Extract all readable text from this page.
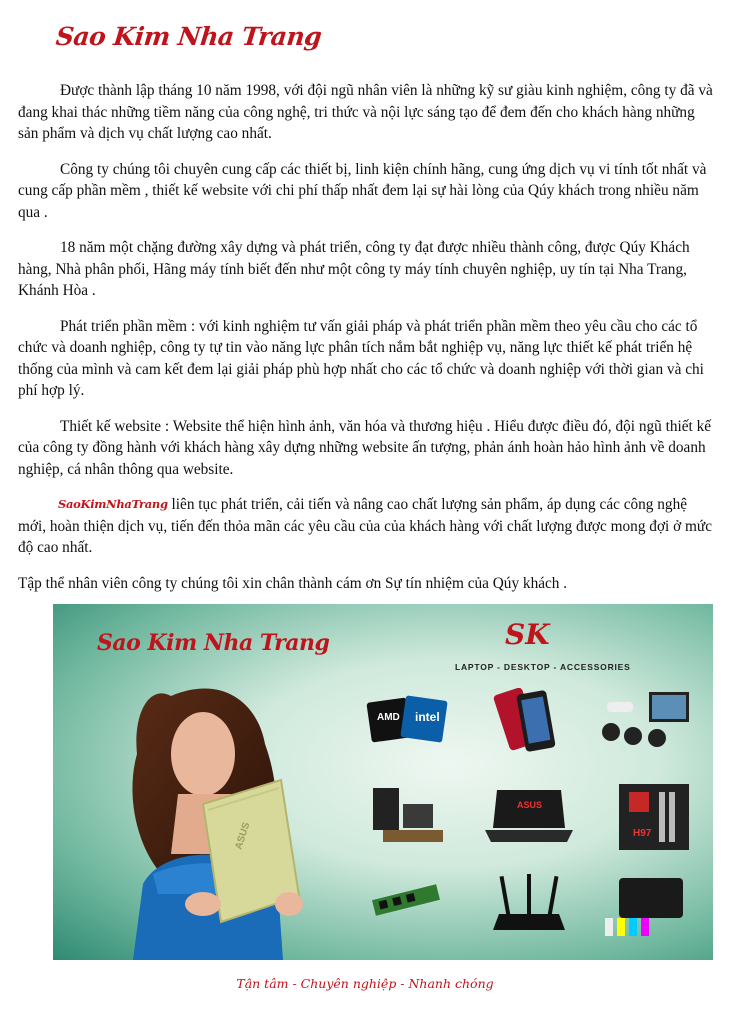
Sao Kim Nha Trang

Được thành lập tháng 10 năm 1998, với đội ngũ nhân viên là những kỹ sư giàu kinh nghiệm, công ty đã và đang khai thác những tiềm năng của công nghệ, tri thức và nội lực sáng tạo để đem đến cho khách hàng những sản phẩm và dịch vụ chất lượng cao nhất.

Công ty chúng tôi chuyên cung cấp các thiết bị, linh kiện chính hãng, cung ứng dịch vụ vi tính tốt nhất và cung cấp phần mềm , thiết kế website với chi phí thấp nhất đem lại sự hài lòng của Qúy khách trong nhiều năm qua .

18 năm một chặng đường xây dựng và phát triển, công ty đạt được nhiều thành công, được Qúy Khách hàng, Nhà phân phối, Hãng máy tính biết đến như một công ty máy tính chuyên nghiệp, uy tín tại Nha Trang, Khánh Hòa .

Phát triển phần mềm : với kinh nghiệm tư vấn giải pháp và phát triển phần mềm theo yêu cầu cho các tổ chức và doanh nghiệp, công ty tự tin vào năng lực phân tích nắm bắt nghiệp vụ, năng lực thiết kế phát triển hệ thống của mình và cam kết đem lại giải pháp phù hợp nhất cho các tổ chức và doanh nghiệp với thời gian và chi phí hợp lý.

Thiết kế website : Website thể hiện hình ảnh, văn hóa và thương hiệu . Hiểu được điều đó, đội ngũ thiết kế của công ty đồng hành với khách hàng xây dựng những website ấn tượng, phản ánh hoàn hảo hình ảnh về doanh nghiệp, cá nhân thông qua website.

SaoKimNhaTrang liên tục phát triển, cải tiến và nâng cao chất lượng sản phẩm, áp dụng các công nghệ mới, hoàn thiện dịch vụ, tiến đến thỏa mãn các yêu cầu của của khách hàng với chất lượng được mong đợi ở mức độ cao nhất.

Tập thể nhân viên công ty chúng tôi xin chân thành cám ơn Sự tín nhiệm của Qúy khách .

ASUS
Sao Kim Nha Trang	SK
LAPTOP - DESKTOP - ACCESSORIES
AMD intel
ASUS
H97
Tận tâm - Chuyên nghiệp - Nhanh chóng
